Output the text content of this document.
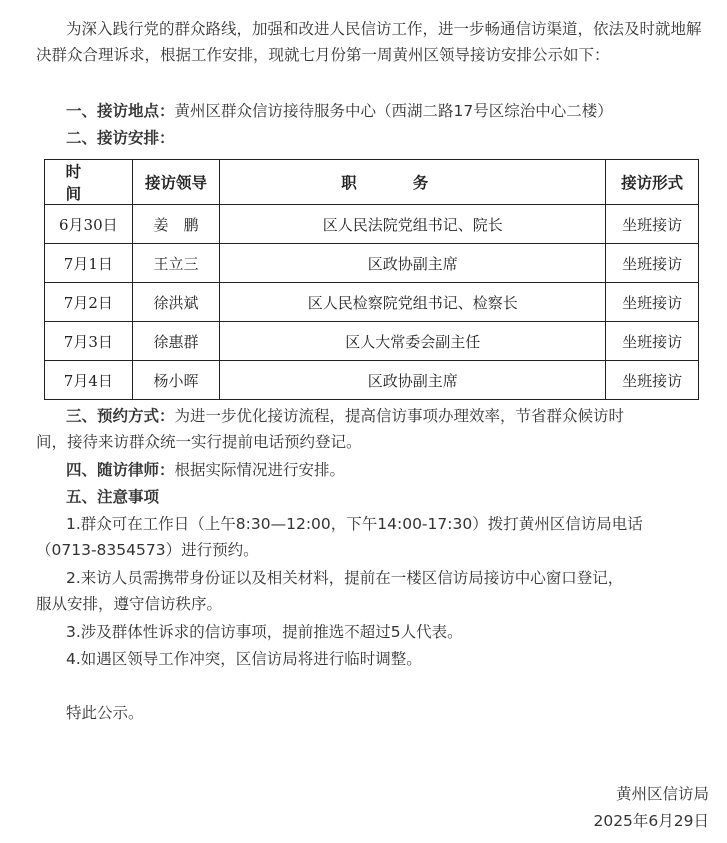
为深入践行党的群众路线，加强和改进人民信访工作，进一步畅通信访渠道，依法及时就地解决群众合理诉求，根据工作安排，现就七月份第一周黄州区领导接访安排公示如下：

一、接访地点：黄州区群众信访接待服务中心（西湖二路17号区综治中心二楼）
二、接访安排：
时间	接访领导	职务	接访形式
6月30日	姜　鹏	区人民法院党组书记、院长	坐班接访
7月1日	王立三	区政协副主席	坐班接访
7月2日	徐洪斌	区人民检察院党组书记、检察长	坐班接访
7月3日	徐惠群	区人大常委会副主任	坐班接访
7月4日	杨小晖	区政协副主席	坐班接访
三、预约方式：为进一步优化接访流程，提高信访事项办理效率，节省群众候访时
间，接待来访群众统一实行提前电话预约登记。
四、随访律师：根据实际情况进行安排。
五、注意事项
1.群众可在工作日（上午8:30—12:00，下午14:00-17:30）拨打黄州区信访局电话
（0713-8354573）进行预约。
2.来访人员需携带身份证以及相关材料，提前在一楼区信访局接访中心窗口登记，
服从安排，遵守信访秩序。
3.涉及群体性诉求的信访事项，提前推选不超过5人代表。
4.如遇区领导工作冲突，区信访局将进行临时调整。
特此公示。
黄州区信访局
2025年6月29日
